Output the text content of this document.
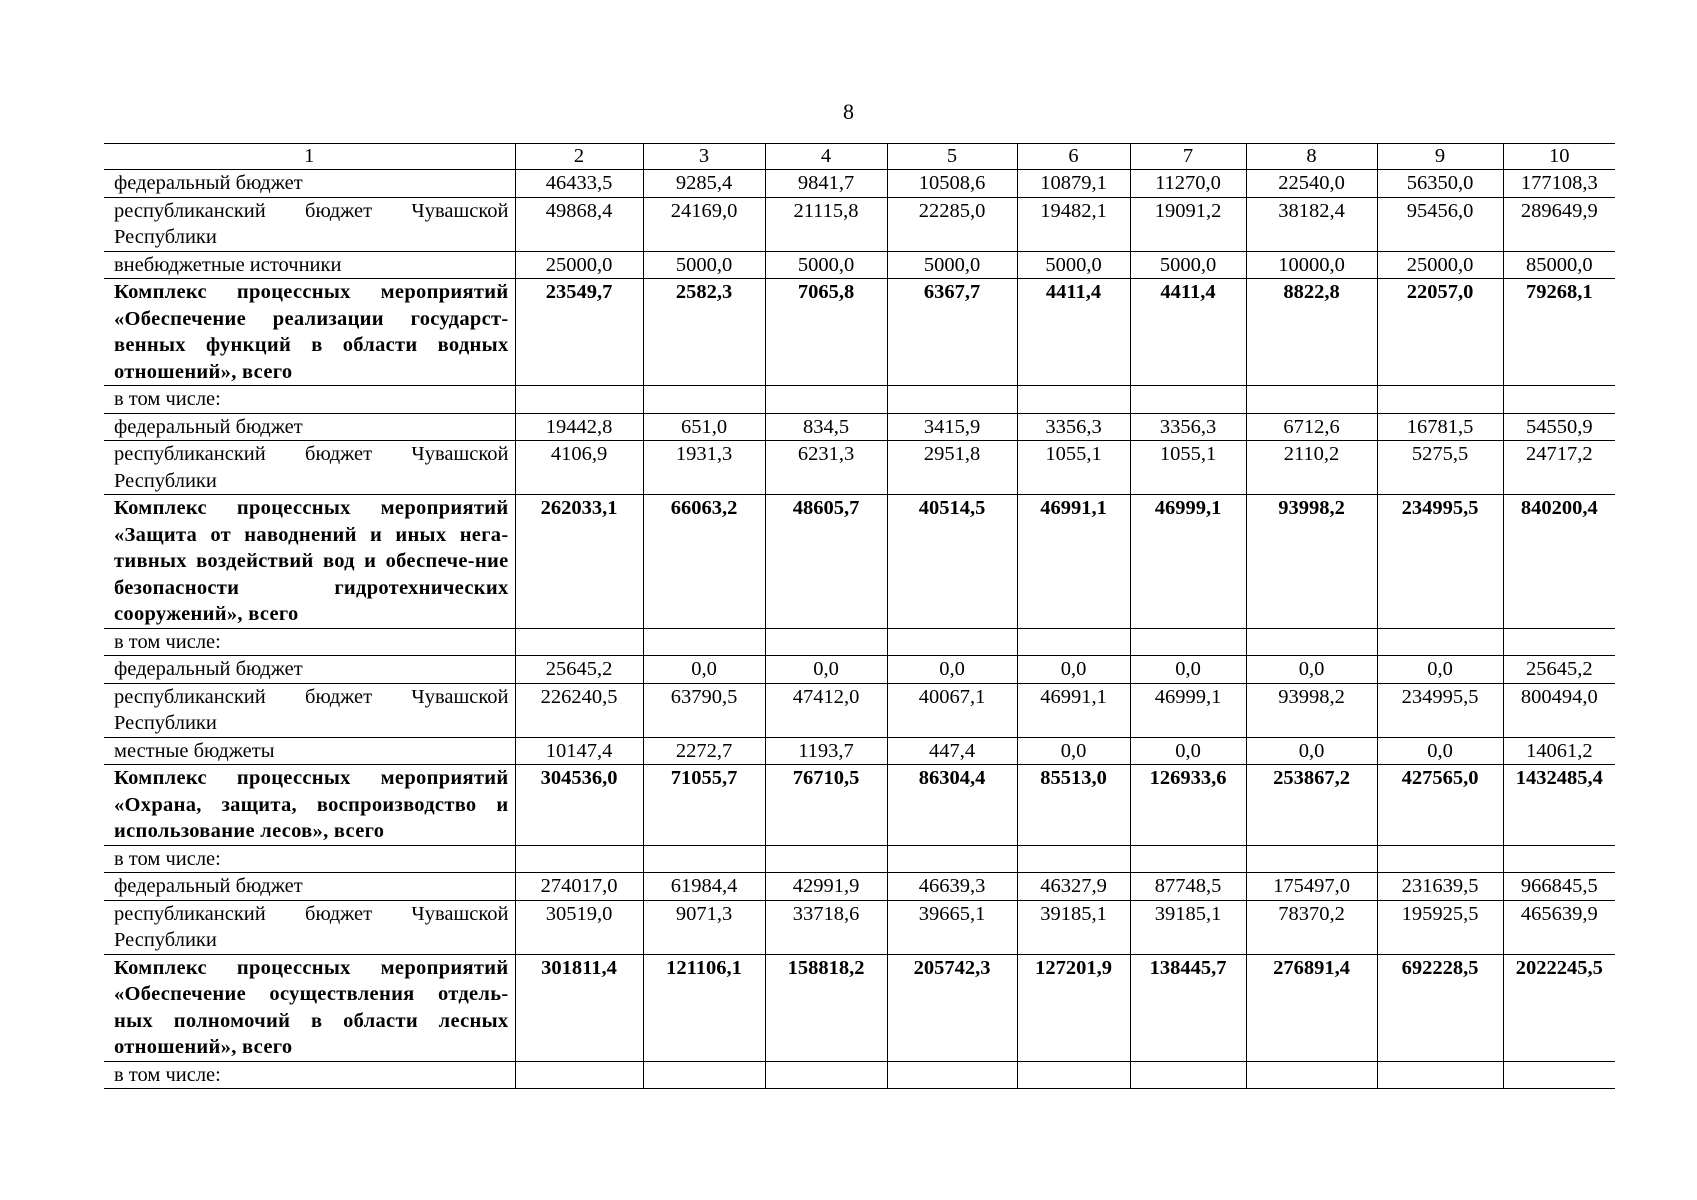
8
1	2	3	4	5	6	7	8	9	10
федеральный бюджет	46433,5	9285,4	9841,7	10508,6	10879,1	11270,0	22540,0	56350,0	177108,3
республиканский бюджет Чувашской Республики	49868,4	24169,0	21115,8	22285,0	19482,1	19091,2	38182,4	95456,0	289649,9
внебюджетные источники	25000,0	5000,0	5000,0	5000,0	5000,0	5000,0	10000,0	25000,0	85000,0
Комплекс процессных мероприятий «Обеспечение реализации государст-венных функций в области водных отношений», всего	23549,7	2582,3	7065,8	6367,7	4411,4	4411,4	8822,8	22057,0	79268,1
в том числе:									
федеральный бюджет	19442,8	651,0	834,5	3415,9	3356,3	3356,3	6712,6	16781,5	54550,9
республиканский бюджет Чувашской Республики	4106,9	1931,3	6231,3	2951,8	1055,1	1055,1	2110,2	5275,5	24717,2
Комплекс процессных мероприятий «Защита от наводнений и иных нега-тивных воздействий вод и обеспече-ние безопасности гидротехнических сооружений», всего	262033,1	66063,2	48605,7	40514,5	46991,1	46999,1	93998,2	234995,5	840200,4
в том числе:									
федеральный бюджет	25645,2	0,0	0,0	0,0	0,0	0,0	0,0	0,0	25645,2
республиканский бюджет Чувашской Республики	226240,5	63790,5	47412,0	40067,1	46991,1	46999,1	93998,2	234995,5	800494,0
местные бюджеты	10147,4	2272,7	1193,7	447,4	0,0	0,0	0,0	0,0	14061,2
Комплекс процессных мероприятий «Охрана, защита, воспроизводство и использование лесов», всего	304536,0	71055,7	76710,5	86304,4	85513,0	126933,6	253867,2	427565,0	1432485,4
в том числе:									
федеральный бюджет	274017,0	61984,4	42991,9	46639,3	46327,9	87748,5	175497,0	231639,5	966845,5
республиканский бюджет Чувашской Республики	30519,0	9071,3	33718,6	39665,1	39185,1	39185,1	78370,2	195925,5	465639,9
Комплекс процессных мероприятий «Обеспечение осуществления отдель-ных полномочий в области лесных отношений», всего	301811,4	121106,1	158818,2	205742,3	127201,9	138445,7	276891,4	692228,5	2022245,5
в том числе:									
